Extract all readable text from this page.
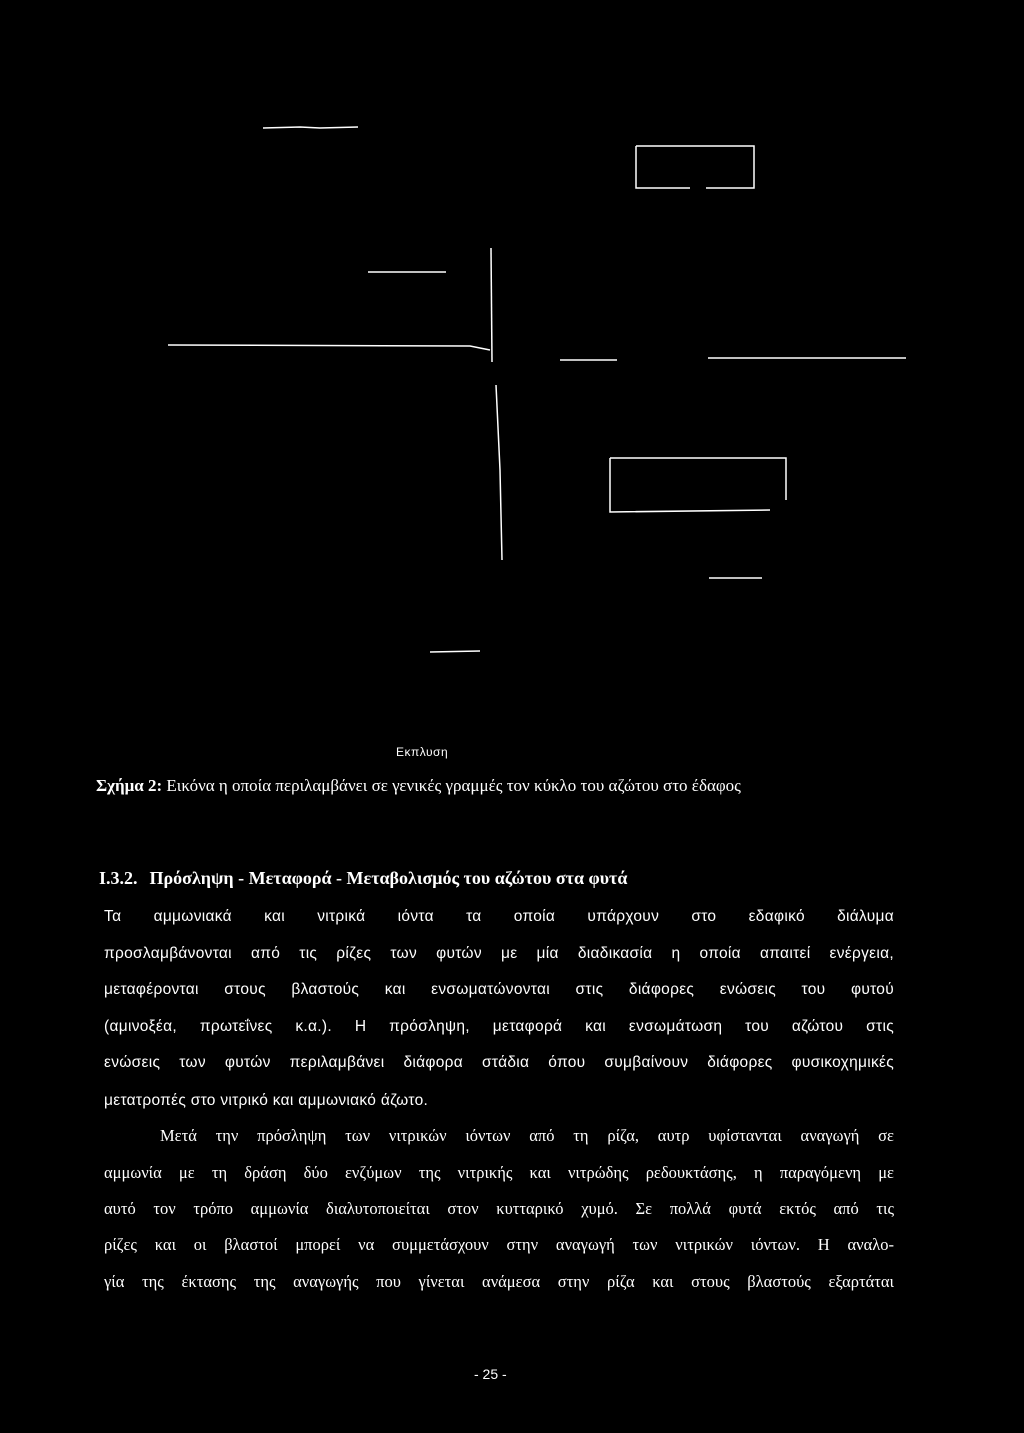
Εκπλυση
Σχήμα 2: Εικόνα η οποία περιλαμβάνει σε γενικές γραμμές τον κύκλο του αζώτου στο έδαφος
I.3.2. Πρόσληψη - Μεταφορά - Μεταβολισμός του αζώτου στα φυτά
Τα αμμωνιακά και νιτρικά ιόντα τα οποία υπάρχουν στο εδαφικό διάλυμα
προσλαμβάνονται από τις ρίζες των φυτών με μία διαδικασία η οποία απαιτεί ενέργεια,
μεταφέρονται στους βλαστούς και ενσωματώνονται στις διάφορες ενώσεις του φυτού
(αμινοξέα, πρωτεΐνες κ.α.). Η πρόσληψη, μεταφορά και ενσωμάτωση του αζώτου στις
ενώσεις των φυτών περιλαμβάνει διάφορα στάδια όπου συμβαίνουν διάφορες φυσικοχημικές
μετατροπές στο νιτρικό και αμμωνιακό άζωτο.
Μετά την πρόσληψη των νιτρικών ιόντων από τη ρίζα, αυτρ υφίστανται αναγωγή σε
αμμωνία με τη δράση δύο ενζύμων της νιτρικής και νιτρώδης ρεδουκτάσης, η παραγόμενη με
αυτό τον τρόπο αμμωνία διαλυτοποιείται στον κυτταρικό χυμό. Σε πολλά φυτά εκτός από τις
ρίζες και οι βλαστοί μπορεί να συμμετάσχουν στην αναγωγή των νιτρικών ιόντων. Η αναλο-
γία της έκτασης της αναγωγής που γίνεται ανάμεσα στην ρίζα και στους βλαστούς εξαρτάται
- 25 -
